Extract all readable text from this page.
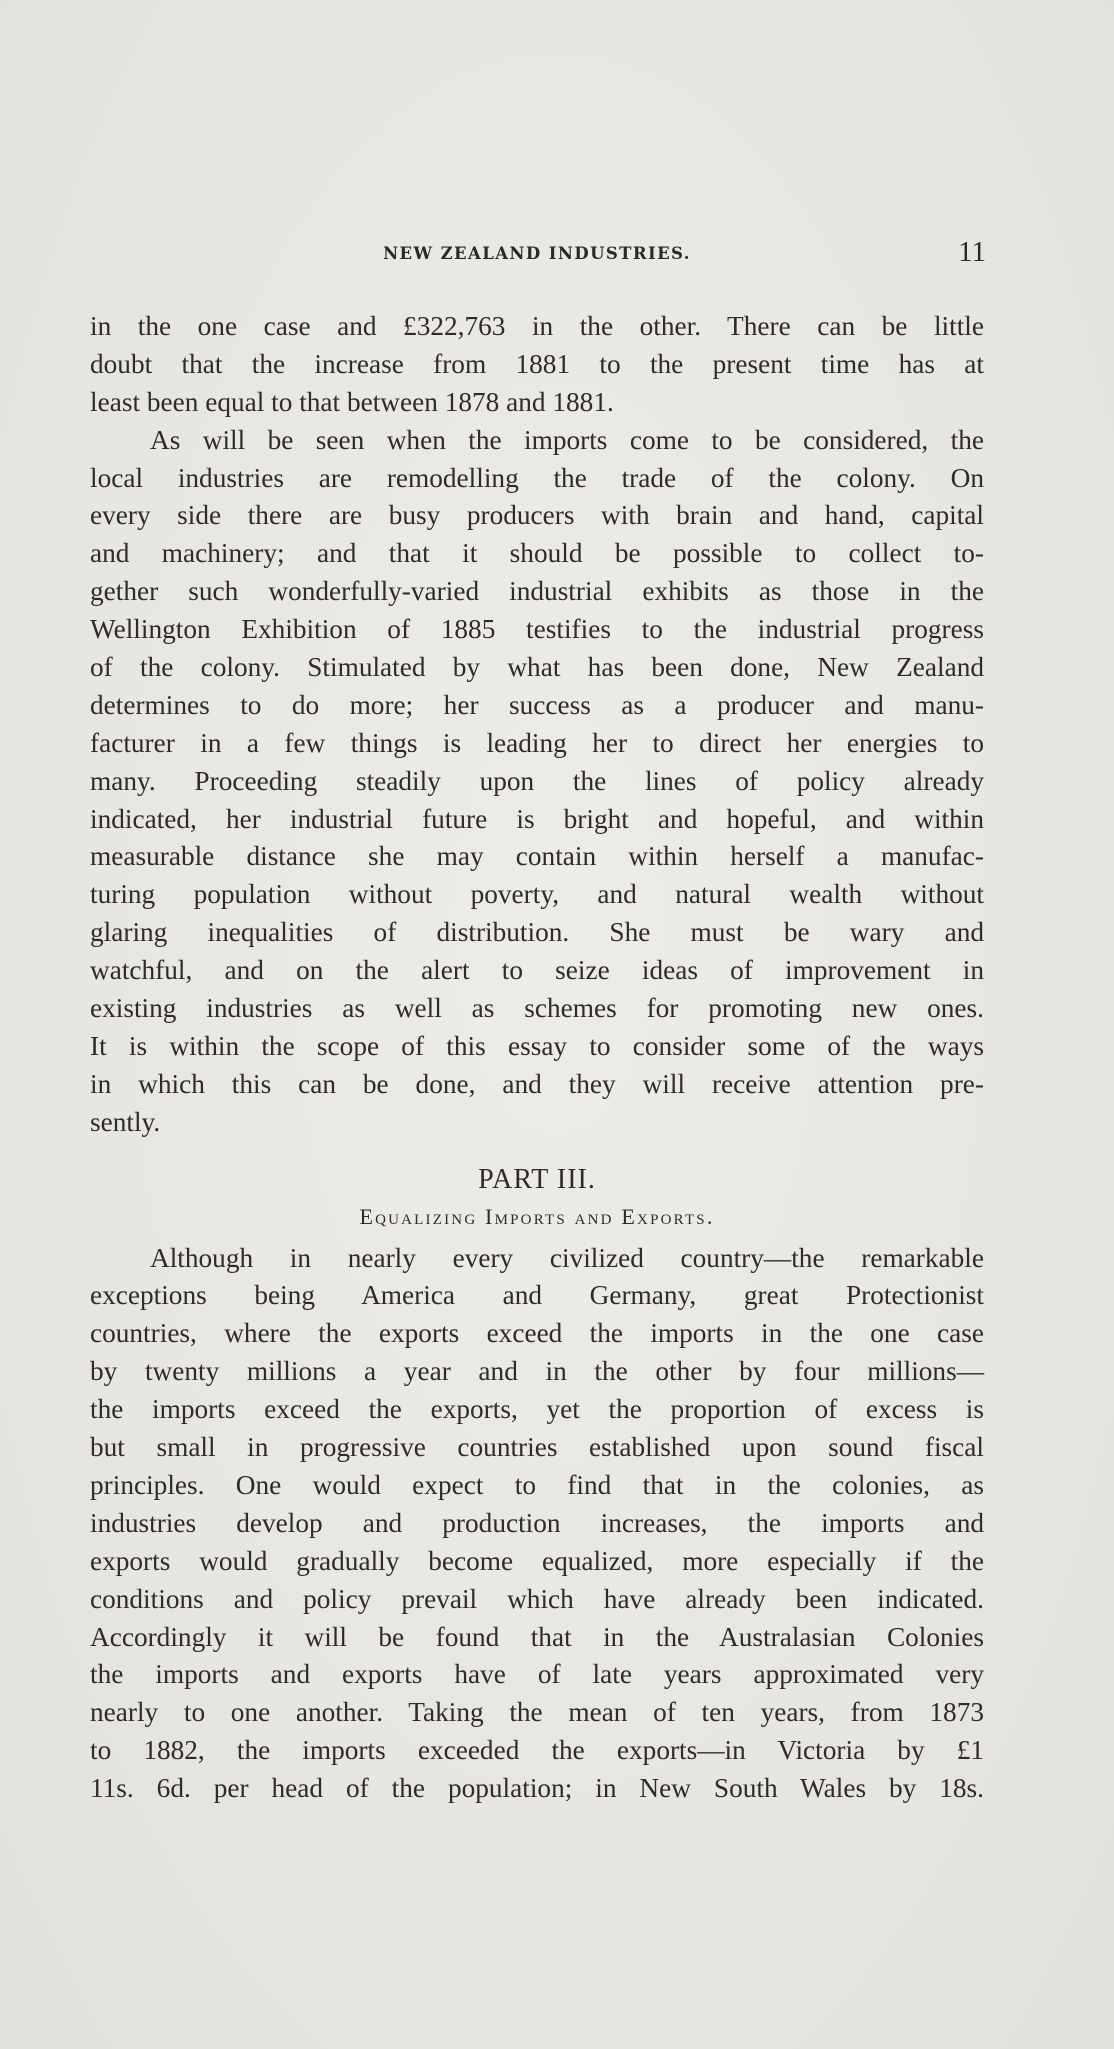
NEW ZEALAND INDUSTRIES.	11
in the one case and £322,763 in the other. There can be little
doubt that the increase from 1881 to the present time has at
least been equal to that between 1878 and 1881.
As will be seen when the imports come to be considered, the
local industries are remodelling the trade of the colony. On
every side there are busy producers with brain and hand, capital
and machinery; and that it should be possible to collect to-
gether such wonderfully-varied industrial exhibits as those in the
Wellington Exhibition of 1885 testifies to the industrial progress
of the colony. Stimulated by what has been done, New Zealand
determines to do more; her success as a producer and manu-
facturer in a few things is leading her to direct her energies to
many. Proceeding steadily upon the lines of policy already
indicated, her industrial future is bright and hopeful, and within
measurable distance she may contain within herself a manufac-
turing population without poverty, and natural wealth without
glaring inequalities of distribution. She must be wary and
watchful, and on the alert to seize ideas of improvement in
existing industries as well as schemes for promoting new ones.
It is within the scope of this essay to consider some of the ways
in which this can be done, and they will receive attention pre-
sently.
PART III.
Equalizing Imports and Exports.
Although in nearly every civilized country—the remarkable
exceptions being America and Germany, great Protectionist
countries, where the exports exceed the imports in the one case
by twenty millions a year and in the other by four millions—
the imports exceed the exports, yet the proportion of excess is
but small in progressive countries established upon sound fiscal
principles. One would expect to find that in the colonies, as
industries develop and production increases, the imports and
exports would gradually become equalized, more especially if the
conditions and policy prevail which have already been indicated.
Accordingly it will be found that in the Australasian Colonies
the imports and exports have of late years approximated very
nearly to one another. Taking the mean of ten years, from 1873
to 1882, the imports exceeded the exports—in Victoria by £1
11s. 6d. per head of the population; in New South Wales by 18s.
